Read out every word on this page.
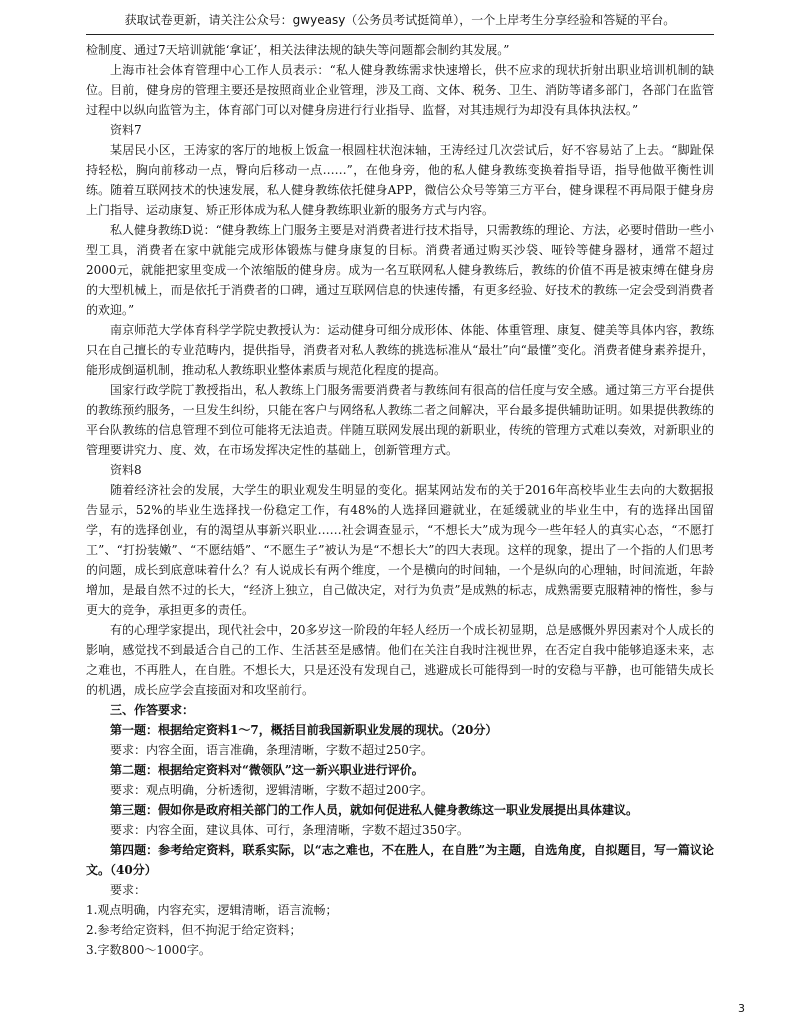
获取试卷更新，请关注公众号：gwyeasy（公务员考试挺简单），一个上岸考生分享经验和答疑的平台。

检制度、通过7天培训就能‘拿证’，相关法律法规的缺失等问题都会制约其发展。”

上海市社会体育管理中心工作人员表示：“私人健身教练需求快速增长，供不应求的现状折射出职业培训机制的缺位。目前，健身房的管理主要还是按照商业企业管理，涉及工商、文体、税务、卫生、消防等诸多部门，各部门在监管过程中以纵向监管为主，体育部门可以对健身房进行行业指导、监督，对其违规行为却没有具体执法权。”

资料7

某居民小区，王涛家的客厅的地板上饭盒一根圆柱状泡沫轴，王涛经过几次尝试后，好不容易站了上去。“脚趾保持轻松，胸向前移动一点，臀向后移动一点……”，在他身旁，他的私人健身教练变换着指导语，指导他做平衡性训练。随着互联网技术的快速发展，私人健身教练依托健身APP，微信公众号等第三方平台，健身课程不再局限于健身房上门指导、运动康复、矫正形体成为私人健身教练职业新的服务方式与内容。

私人健身教练D说：“健身教练上门服务主要是对消费者进行技术指导，只需教练的理论、方法，必要时借助一些小型工具，消费者在家中就能完成形体锻炼与健身康复的目标。消费者通过购买沙袋、哑铃等健身器材，通常不超过2000元，就能把家里变成一个浓缩版的健身房。成为一名互联网私人健身教练后，教练的价值不再是被束缚在健身房的大型机械上，而是依托于消费者的口碑，通过互联网信息的快速传播，有更多经验、好技术的教练一定会受到消费者的欢迎。”

南京师范大学体育科学学院史教授认为：运动健身可细分成形体、体能、体重管理、康复、健美等具体内容，教练只在自己擅长的专业范畴内，提供指导，消费者对私人教练的挑选标准从“最壮”向“最懂”变化。消费者健身素养提升，能形成倒逼机制，推动私人教练职业整体素质与规范化程度的提高。

国家行政学院丁教授指出，私人教练上门服务需要消费者与教练间有很高的信任度与安全感。通过第三方平台提供的教练预约服务，一旦发生纠纷，只能在客户与网络私人教练二者之间解决，平台最多提供辅助证明。如果提供教练的平台队教练的信息管理不到位可能将无法追责。伴随互联网发展出现的新职业，传统的管理方式难以奏效，对新职业的管理要讲究力、度、效，在市场发挥决定性的基础上，创新管理方式。

资料8

随着经济社会的发展，大学生的职业观发生明显的变化。据某网站发布的关于2016年高校毕业生去向的大数据报告显示，52%的毕业生选择找一份稳定工作，有48%的人选择回避就业，在延缓就业的毕业生中，有的选择出国留学，有的选择创业，有的渴望从事新兴职业……社会调查显示，“不想长大”成为现今一些年轻人的真实心态，“不愿打工”、“打扮装嫩”、“不愿结婚”、“不愿生子”被认为是“不想长大”的四大表现。这样的现象，提出了一个指的人们思考的问题，成长到底意味着什么？有人说成长有两个维度，一个是横向的时间轴，一个是纵向的心理轴，时间流逝，年龄增加，是最自然不过的长大，“经济上独立，自己做决定，对行为负责”是成熟的标志，成熟需要克服精神的惰性，参与更大的竞争，承担更多的责任。

有的心理学家提出，现代社会中，20多岁这一阶段的年轻人经历一个成长初显期，总是感慨外界因素对个人成长的影响，感觉找不到最适合自己的工作、生活甚至是感情。他们在关注自我时注视世界，在否定自我中能够追逐未来，志之难也，不再胜人，在自胜。不想长大，只是还没有发现自己，逃避成长可能得到一时的安稳与平静，也可能错失成长的机遇，成长应学会直接面对和攻坚前行。

三、作答要求：

第一题：根据给定资料1～7，概括目前我国新职业发展的现状。（20分）

要求：内容全面，语言准确，条理清晰，字数不超过250字。

第二题：根据给定资料对“微领队”这一新兴职业进行评价。

要求：观点明确，分析透彻，逻辑清晰，字数不超过200字。

第三题：假如你是政府相关部门的工作人员，就如何促进私人健身教练这一职业发展提出具体建议。

要求：内容全面，建议具体、可行，条理清晰，字数不超过350字。

第四题：参考给定资料，联系实际，以“志之难也，不在胜人，在自胜”为主题，自选角度，自拟题目，写一篇议论文。（40分）

要求：

1.观点明确，内容充实，逻辑清晰，语言流畅；

2.参考给定资料，但不拘泥于给定资料；

3.字数800～1000字。

3
